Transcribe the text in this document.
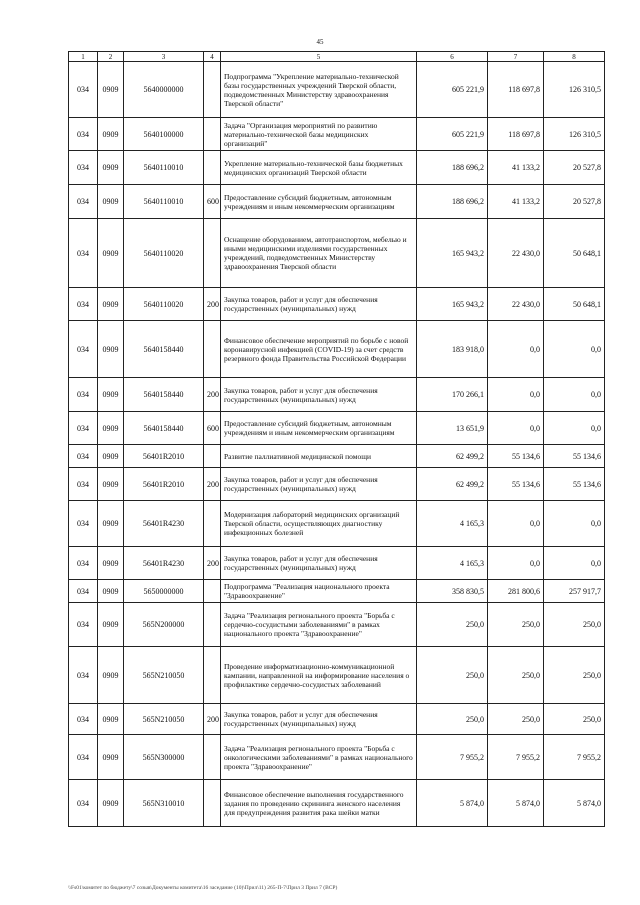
45
1	2	3	4	5	6	7	8
034	0909	5640000000		Подпрограмма "Укрепление материально-технической базы государственных учреждений Тверской области, подведомственных Министерству здравоохранения Тверской области"	605 221,9	118 697,8	126 310,5
034	0909	5640100000		Задача "Организация мероприятий по развитию материально-технической базы медицинских организаций"	605 221,9	118 697,8	126 310,5
034	0909	5640110010		Укрепление материально-технической базы бюджетных медицинских организаций Тверской области	188 696,2	41 133,2	20 527,8
034	0909	5640110010	600	Предоставление субсидий бюджетным, автономным учреждениям и иным некоммерческим организациям	188 696,2	41 133,2	20 527,8
034	0909	5640110020		Оснащение оборудованием, автотранспортом, мебелью и иными медицинскими изделиями государственных учреждений, подведомственных Министерству здравоохранения Тверской области	165 943,2	22 430,0	50 648,1
034	0909	5640110020	200	Закупка товаров, работ и услуг для обеспечения государственных (муниципальных) нужд	165 943,2	22 430,0	50 648,1
034	0909	5640158440		Финансовое обеспечение мероприятий по борьбе с новой коронавирусной инфекцией (COVID-19) за счет средств резервного фонда Правительства Российской Федерации	183 918,0	0,0	0,0
034	0909	5640158440	200	Закупка товаров, работ и услуг для обеспечения государственных (муниципальных) нужд	170 266,1	0,0	0,0
034	0909	5640158440	600	Предоставление субсидий бюджетным, автономным учреждениям и иным некоммерческим организациям	13 651,9	0,0	0,0
034	0909	56401R2010		Развитие паллиативной медицинской помощи	62 499,2	55 134,6	55 134,6
034	0909	56401R2010	200	Закупка товаров, работ и услуг для обеспечения государственных (муниципальных) нужд	62 499,2	55 134,6	55 134,6
034	0909	56401R4230		Модернизация лабораторий медицинских организаций Тверской области, осуществляющих диагностику инфекционных болезней	4 165,3	0,0	0,0
034	0909	56401R4230	200	Закупка товаров, работ и услуг для обеспечения государственных (муниципальных) нужд	4 165,3	0,0	0,0
034	0909	5650000000		Подпрограмма "Реализация национального проекта "Здравоохранение"	358 830,5	281 800,6	257 917,7
034	0909	565N200000		Задача "Реализация регионального проекта "Борьба с сердечно-сосудистыми заболеваниями" в рамках национального проекта "Здравоохранение"	250,0	250,0	250,0
034	0909	565N210050		Проведение информатизационно-коммуникационной кампании, направленной на информирование населения о профилактике сердечно-сосудистых заболеваний	250,0	250,0	250,0
034	0909	565N210050	200	Закупка товаров, работ и услуг для обеспечения государственных (муниципальных) нужд	250,0	250,0	250,0
034	0909	565N300000		Задача "Реализация регионального проекта "Борьба с онкологическими заболеваниями" в рамках национального проекта "Здравоохранение"	7 955,2	7 955,2	7 955,2
034	0909	565N310010		Финансовое обеспечение выполнения государственного задания по проведению скрининга женского населения для предупреждения развития рака шейки матки	5 874,0	5 874,0	5 874,0
\\Fs01\комитет по бюджету\7 созыв\Документы комитета\16 заседание (10)\Прил\11) 265-П-7\Прил 3 Прил 7 (ВСР)
